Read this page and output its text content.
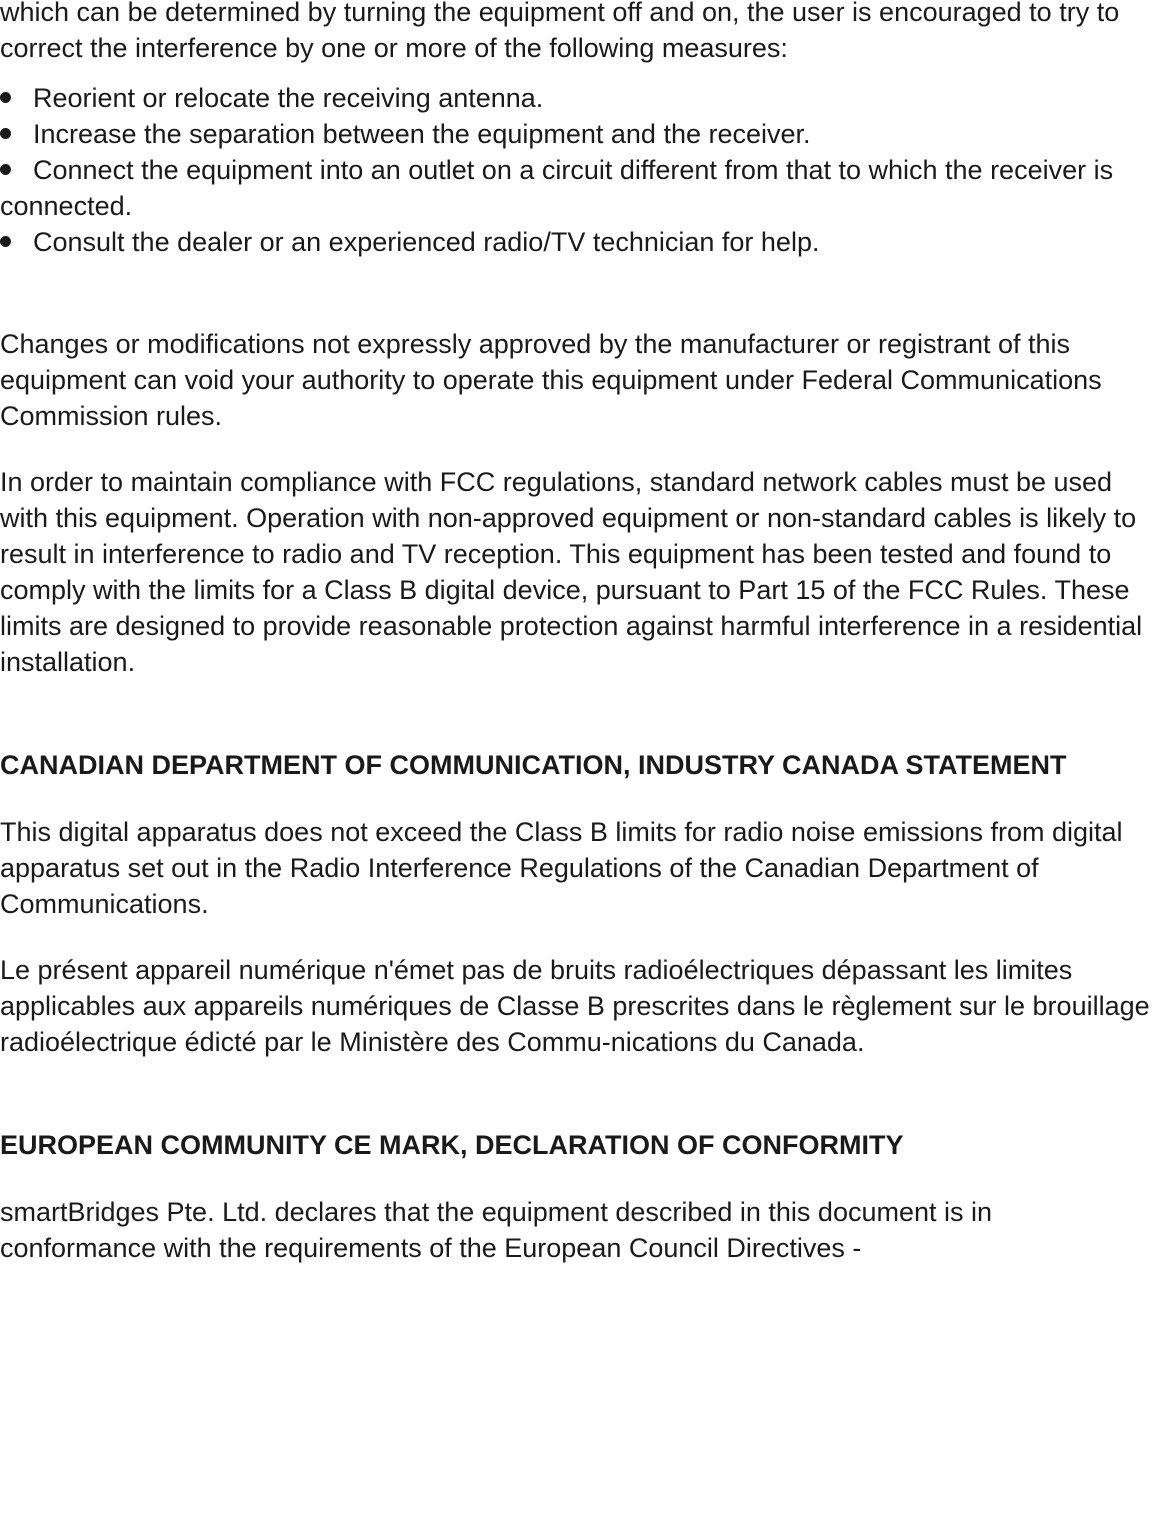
which can be determined by turning the equipment off and on, the user is encouraged to try to correct the interference by one or more of the following measures:

Reorient or relocate the receiving antenna.
Increase the separation between the equipment and the receiver.
Connect the equipment into an outlet on a circuit different from that to which the receiver is connected.
Consult the dealer or an experienced radio/TV technician for help.

Changes or modifications not expressly approved by the manufacturer or registrant of this equipment can void your authority to operate this equipment under Federal Communications Commission rules.

In order to maintain compliance with FCC regulations, standard network cables must be used with this equipment. Operation with non-approved equipment or non-standard cables is likely to result in interference to radio and TV reception. This equipment has been tested and found to comply with the limits for a Class B digital device, pursuant to Part 15 of the FCC Rules. These limits are designed to provide reasonable protection against harmful interference in a residential installation.

CANADIAN DEPARTMENT OF COMMUNICATION, INDUSTRY CANADA STATEMENT

This digital apparatus does not exceed the Class B limits for radio noise emissions from digital apparatus set out in the Radio Interference Regulations of the Canadian Department of Communications.

Le présent appareil numérique n'émet pas de bruits radioélectriques dépassant les limites applicables aux appareils numériques de Classe B prescrites dans le règlement sur le brouillage radioélectrique édicté par le Ministère des Commu-nications du Canada.

EUROPEAN COMMUNITY CE MARK, DECLARATION OF CONFORMITY

smartBridges Pte. Ltd. declares that the equipment described in this document is in conformance with the requirements of the European Council Directives -
